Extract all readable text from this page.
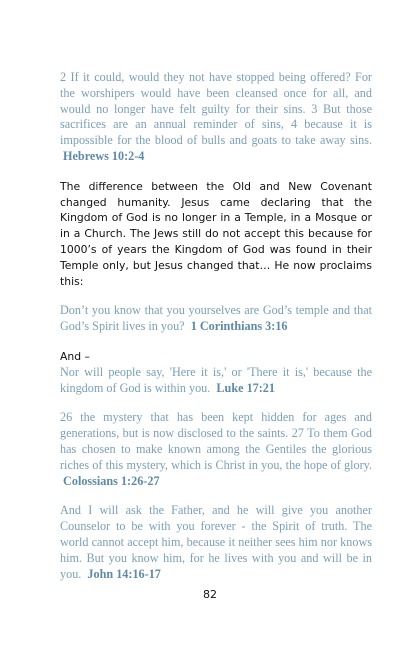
2 If it could, would they not have stopped being offered? For the worshipers would have been cleansed once for all, and would no longer have felt guilty for their sins. 3 But those sacrifices are an annual reminder of sins, 4 because it is impossible for the blood of bulls and goats to take away sins.  Hebrews 10:2-4

The difference between the Old and New Covenant changed humanity. Jesus came declaring that the Kingdom of God is no longer in a Temple, in a Mosque or in a Church. The Jews still do not accept this because for 1000’s of years the Kingdom of God was found in their Temple only, but Jesus changed that… He now proclaims this:

Don’t you know that you yourselves are God’s temple and that God’s Spirit lives in you? 1 Corinthians 3:16

And –

Nor will people say, 'Here it is,' or 'There it is,' because the kingdom of God is within you. Luke 17:21

26 the mystery that has been kept hidden for ages and generations, but is now disclosed to the saints. 27 To them God has chosen to make known among the Gentiles the glorious riches of this mystery, which is Christ in you, the hope of glory.  Colossians 1:26-27

And I will ask the Father, and he will give you another Counselor to be with you forever - the Spirit of truth. The world cannot accept him, because it neither sees him nor knows him. But you know him, for he lives with you and will be in you. John 14:16-17

82
